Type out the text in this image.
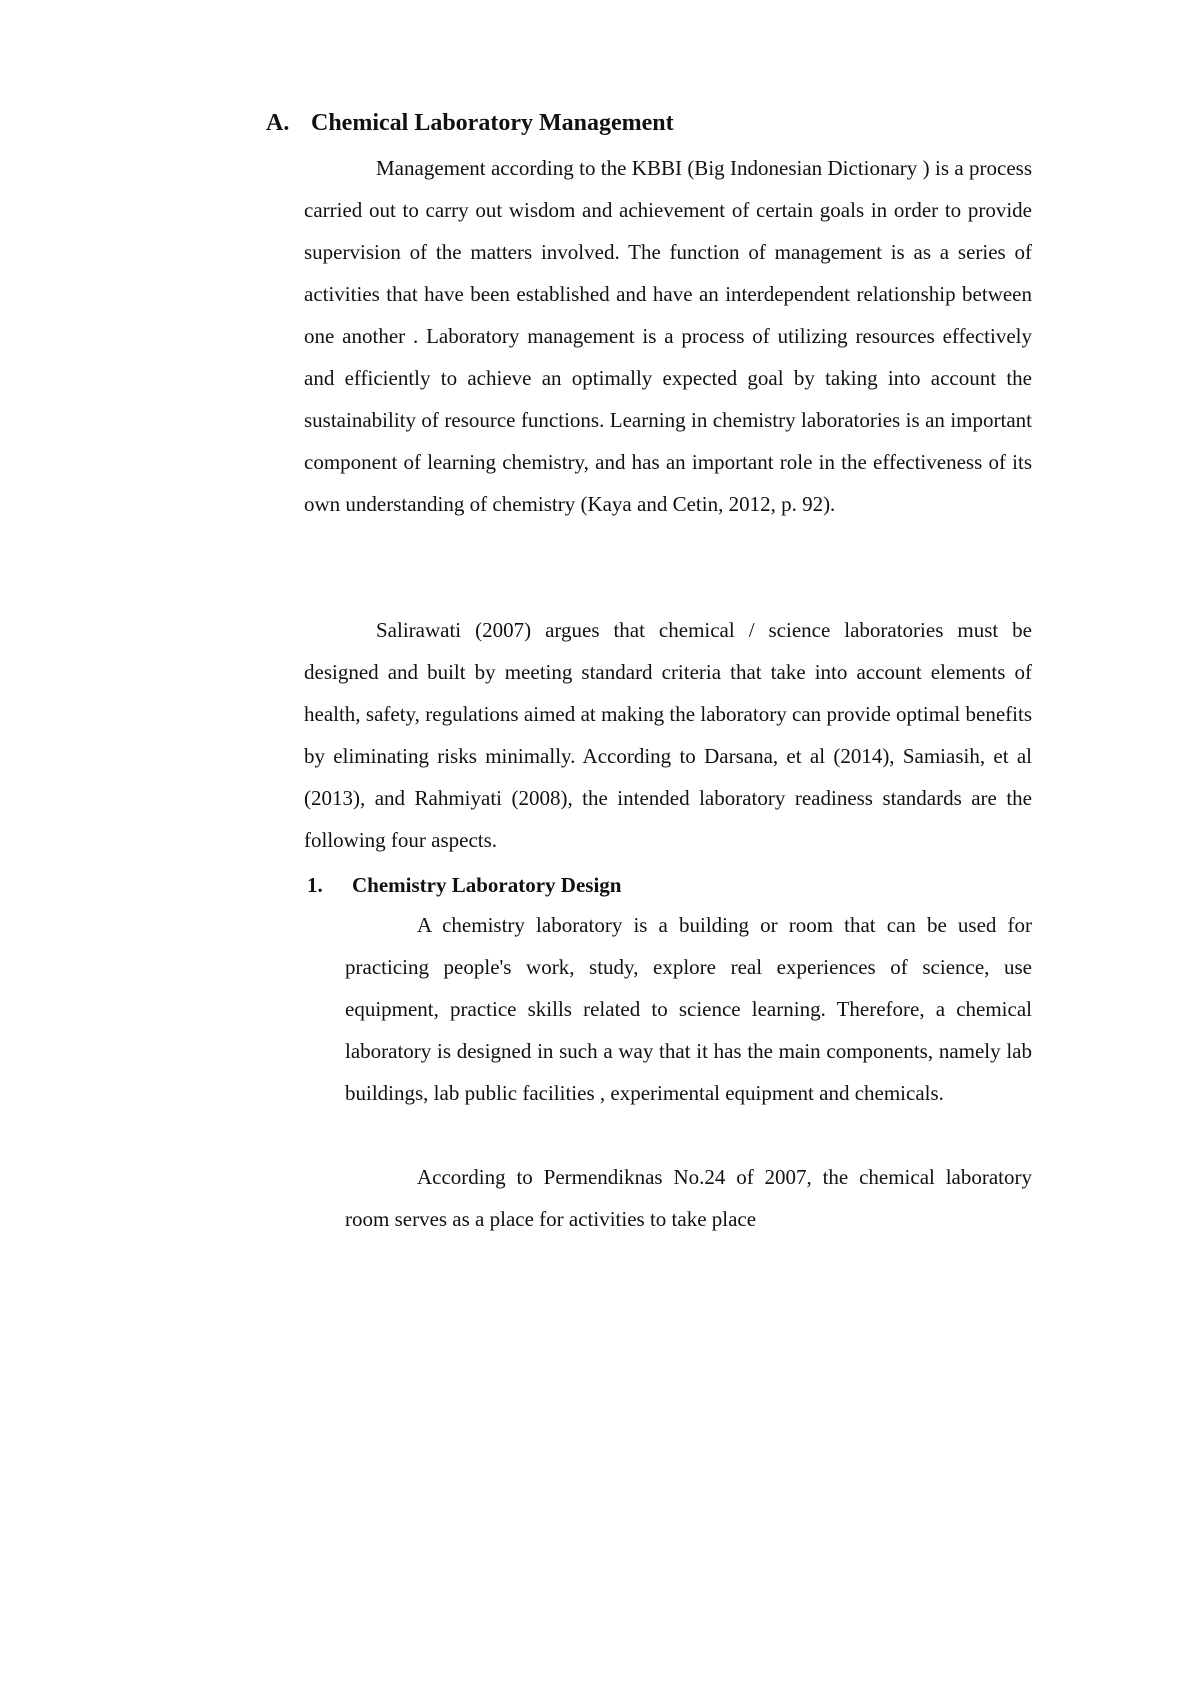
A. Chemical Laboratory Management

Management according to the KBBI (Big Indonesian Dictionary ) is a process carried out to carry out wisdom and achievement of certain goals in order to provide supervision of the matters involved. The function of management is as a series of activities that have been established and have an interdependent relationship between one another . Laboratory management is a process of utilizing resources effectively and efficiently to achieve an optimally expected goal by taking into account the sustainability of resource functions. Learning in chemistry laboratories is an important component of learning chemistry, and has an important role in the effectiveness of its own understanding of chemistry (Kaya and Cetin, 2012, p. 92).

Salirawati (2007) argues that chemical / science laboratories must be designed and built by meeting standard criteria that take into account elements of health, safety, regulations aimed at making the laboratory can provide optimal benefits by eliminating risks minimally. According to Darsana, et al (2014), Samiasih, et al (2013), and Rahmiyati (2008), the intended laboratory readiness standards are the following four aspects.

1. Chemistry Laboratory Design

A chemistry laboratory is a building or room that can be used for practicing people's work, study, explore real experiences of science, use equipment, practice skills related to science learning. Therefore, a chemical laboratory is designed in such a way that it has the main components, namely lab buildings, lab public facilities , experimental equipment and chemicals.

According to Permendiknas No.24 of 2007, the chemical laboratory room serves as a place for activities to take place
